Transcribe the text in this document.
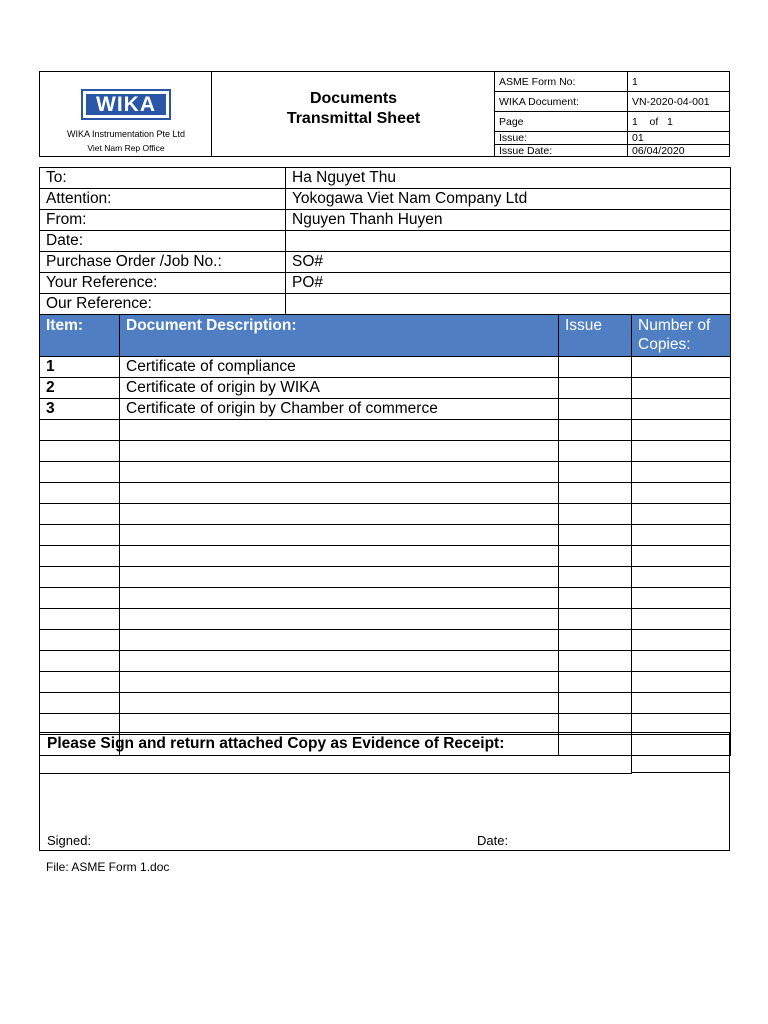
WIKA
WIKA Instrumentation Pte Ltd
Viet Nam Rep Office
Documents
Transmittal Sheet
ASME Form No:	1
WIKA Document:	VN-2020-04-001
Page	1    of   1
Issue:	01
Issue Date:	06/04/2020
To:		Ha Nguyet Thu		
Attention:		Yokogawa Viet Nam Company Ltd		
From:		Nguyen Thanh Huyen		
Date:				
Purchase Order /Job No.:		SO#		
Your Reference:		PO#		
Our Reference:				
Item:	Document Description:		Issue	Number of Copies:
1	Certificate of compliance			
2	Certificate of origin by WIKA			
3	Certificate of origin by Chamber of commerce			

Please Sign and return attached Copy as Evidence of Receipt:
Signed:	Date:
File: ASME Form 1.doc
